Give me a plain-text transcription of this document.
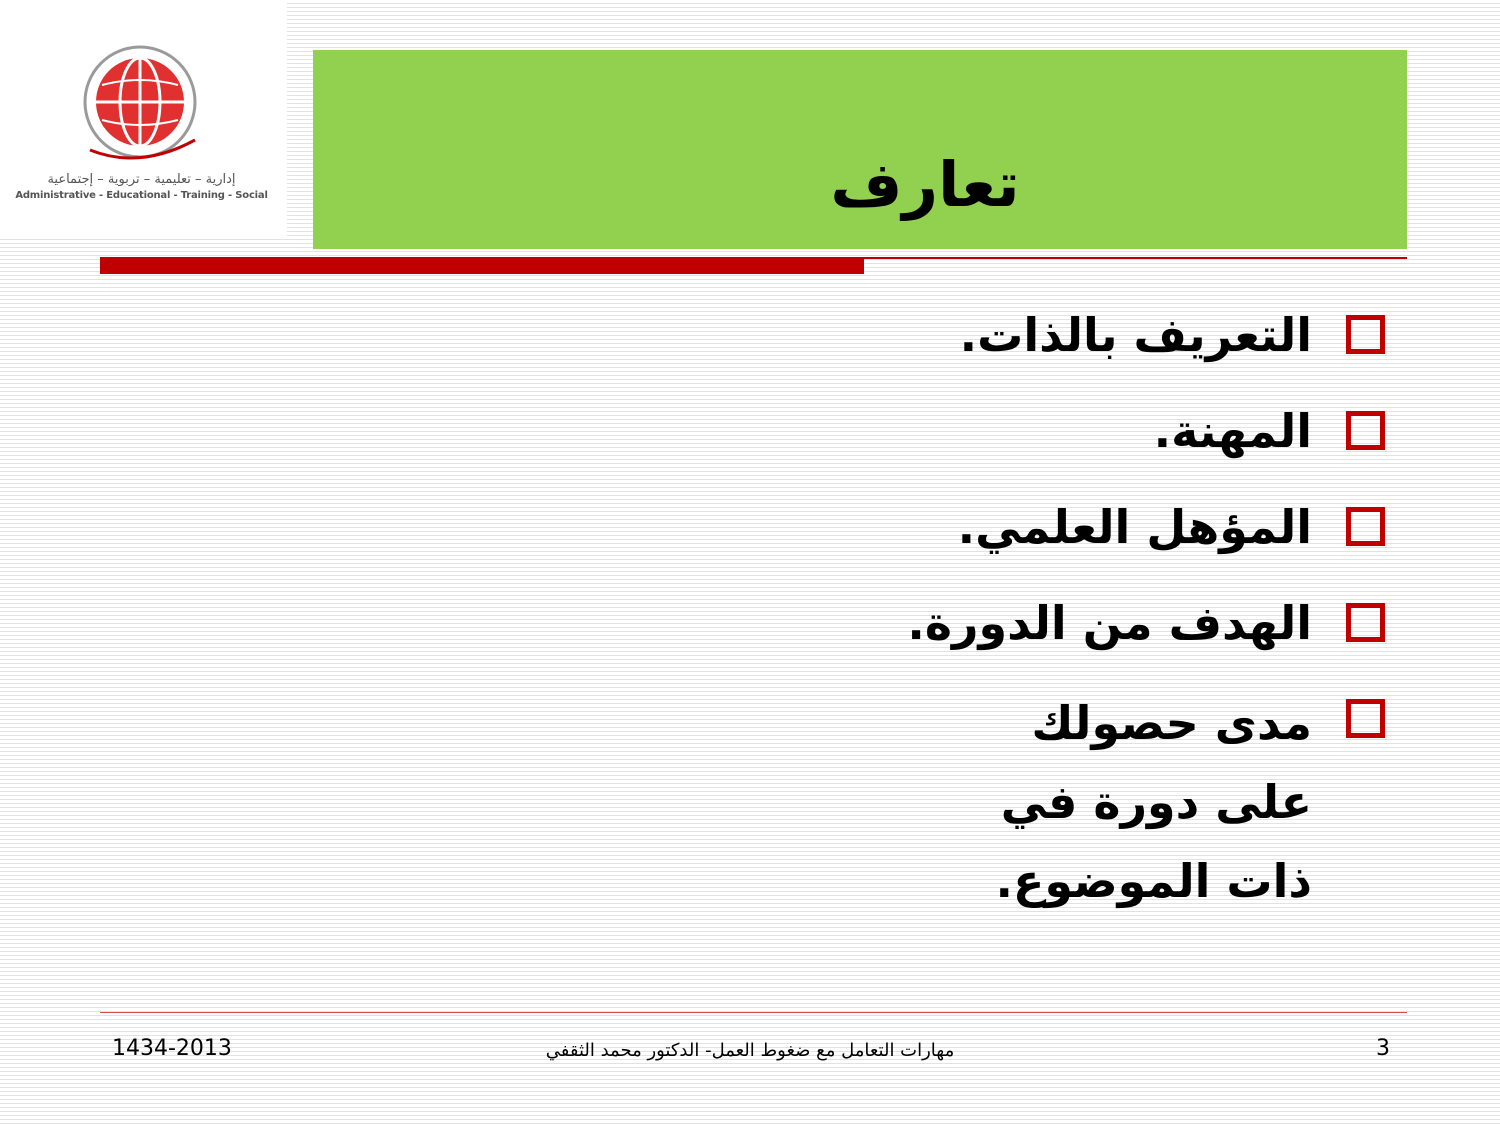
إدارية – تعليمية – تربوية – إجتماعية
Administrative - Educational - Training - Social	تعارف
التعريف بالذات.
المهنة.
المؤهل العلمي.
الهدف من الدورة.
مدى حصولك على دورة في ذات الموضوع.
1434-2013	مهارات التعامل مع ضغوط العمل- الدكتور محمد الثقفي	3
